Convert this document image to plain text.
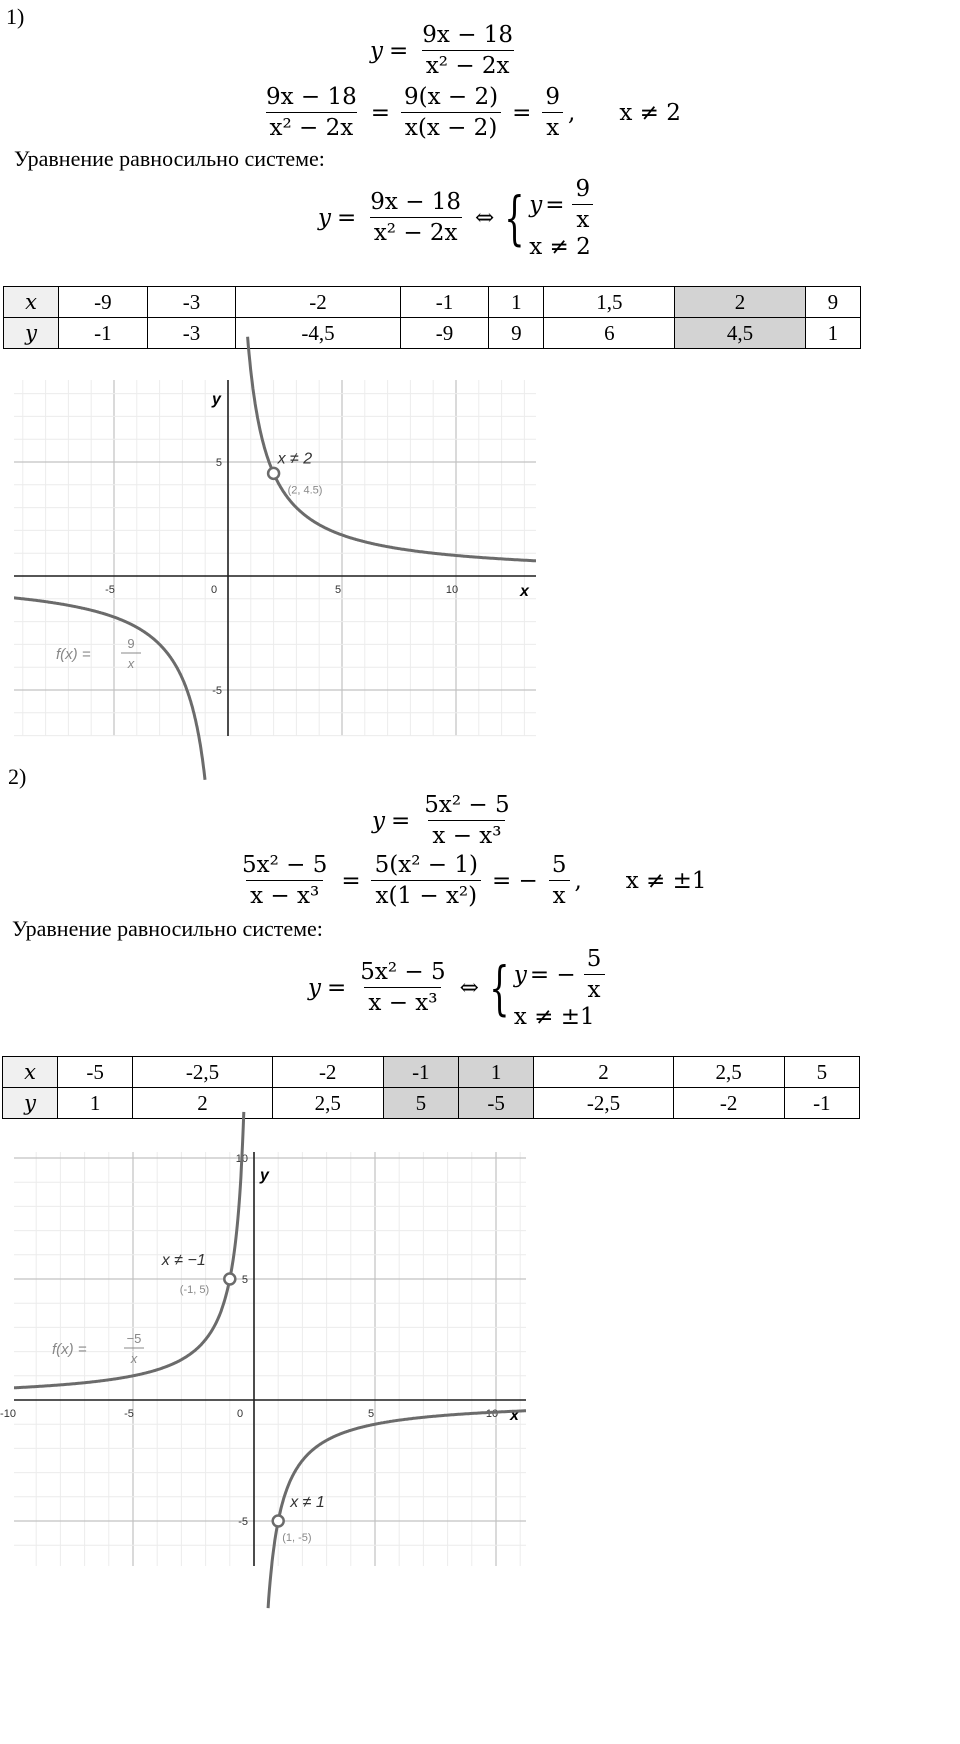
1)
$y = \frac{9x - 18}{\text{x² − 2x}}$
$\frac{9x - 18}{\text{x² − 2x}} = \frac{9(x - 2)}{x(x - 2)} = \frac{9}{x}$ , x ≠ 2
Уравнение равносильно системе:
$y = \frac{9x - 18}{\text{x² − 2x}}$ ⇔ { $y = \frac{9}{x}$
x ≠ 2
x	-9	-3	-2	-1	1	1,5	2	9
y	-1	-3	-4,5	-9	9	6	4,5	1
x
y
-5	0	5	10
5
-5
x ≠ 2
(2, 4.5)
f(x) =
9
x
2)
$y = \frac{\text{5x² − 5}}{\text{x − x³}}$
$\frac{\text{5x² − 5}}{\text{x − x³}} = \frac{\text{5(x² − 1)}}{\text{x(1 − x²)}}$ = − $\frac{5}{x}$ , x ≠ ±1
Уравнение равносильно системе:
$y = \frac{\text{5x² − 5}}{\text{x − x³}}$ ⇔ { y = − $\frac{5}{x}$
x ≠ ±1
x	-5	-2,5	-2	-1	1	2	2,5	5
y	1	2	2,5	5	-5	-2,5	-2	-1
x
y
-10	-5	0	5	10
10
5
-5
x ≠ −1
(-1, 5)
x ≠ 1
(1, -5)
f(x) =
−5
x
